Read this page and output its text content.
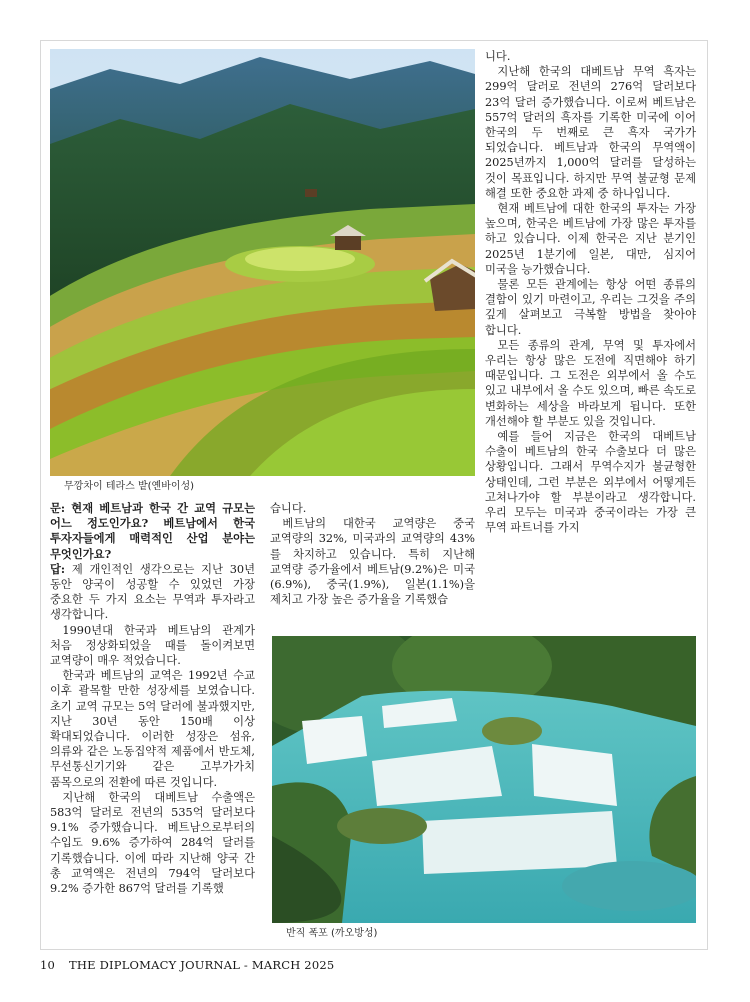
무깡차이 테라스 밭(옌바이성)

니다.

지난해 한국의 대베트남 무역 흑자는 299억 달러로 전년의 276억 달러보다 23억 달러 증가했습니다. 이로써 베트남은 557억 달러의 흑자를 기록한 미국에 이어 한국의 두 번째로 큰 흑자 국가가 되었습니다. 베트남과 한국의 무역액이 2025년까지 1,000억 달러를 달성하는 것이 목표입니다. 하지만 무역 불균형 문제 해결 또한 중요한 과제 중 하나입니다.

현재 베트남에 대한 한국의 투자는 가장 높으며, 한국은 베트남에 가장 많은 투자를 하고 있습니다. 이제 한국은 지난 분기인 2025년 1분기에 일본, 대만, 심지어 미국을 능가했습니다.

물론 모든 관계에는 항상 어떤 종류의 결함이 있기 마련이고, 우리는 그것을 주의 깊게 살펴보고 극복할 방법을 찾아야 합니다.

모든 종류의 관계, 무역 및 투자에서 우리는 항상 많은 도전에 직면해야 하기 때문입니다. 그 도전은 외부에서 올 수도 있고 내부에서 올 수도 있으며, 빠른 속도로 변화하는 세상을 바라보게 됩니다. 또한 개선해야 할 부분도 있을 것입니다.

예를 들어 지금은 한국의 대베트남 수출이 베트남의 한국 수출보다 더 많은 상황입니다. 그래서 무역수지가 불균형한 상태인데, 그런 부분은 외부에서 어떻게든 고쳐나가야 할 부분이라고 생각합니다. 우리 모두는 미국과 중국이라는 가장 큰 무역 파트너를 가지

문: 현재 베트남과 한국 간 교역 규모는 어느 정도인가요? 베트남에서 한국 투자자들에게 매력적인 산업 분야는 무엇인가요?

답: 제 개인적인 생각으로는 지난 30년 동안 양국이 성공할 수 있었던 가장 중요한 두 가지 요소는 무역과 투자라고 생각합니다.

1990년대 한국과 베트남의 관계가 처음 정상화되었을 때를 돌이켜보면 교역량이 매우 적었습니다.

한국과 베트남의 교역은 1992년 수교 이후 괄목할 만한 성장세를 보였습니다. 초기 교역 규모는 5억 달러에 불과했지만, 지난 30년 동안 150배 이상 확대되었습니다. 이러한 성장은 섬유, 의류와 같은 노동집약적 제품에서 반도체, 무선통신기기와 같은 고부가가치 품목으로의 전환에 따른 것입니다.

지난해 한국의 대베트남 수출액은 583억 달러로 전년의 535억 달러보다 9.1% 증가했습니다. 베트남으로부터의 수입도 9.6% 증가하여 284억 달러를 기록했습니다. 이에 따라 지난해 양국 간 총 교역액은 전년의 794억 달러보다 9.2% 증가한 867억 달러를 기록했

습니다.

베트남의 대한국 교역량은 중국 교역량의 32%, 미국과의 교역량의 43%를 차지하고 있습니다. 특히 지난해 교역량 증가율에서 베트남(9.2%)은 미국(6.9%), 중국(1.9%), 일본(1.1%)을 제치고 가장 높은 증가율을 기록했습

반직 폭포 (까오방성)
10 THE DIPLOMACY JOURNAL - MARCH 2025
